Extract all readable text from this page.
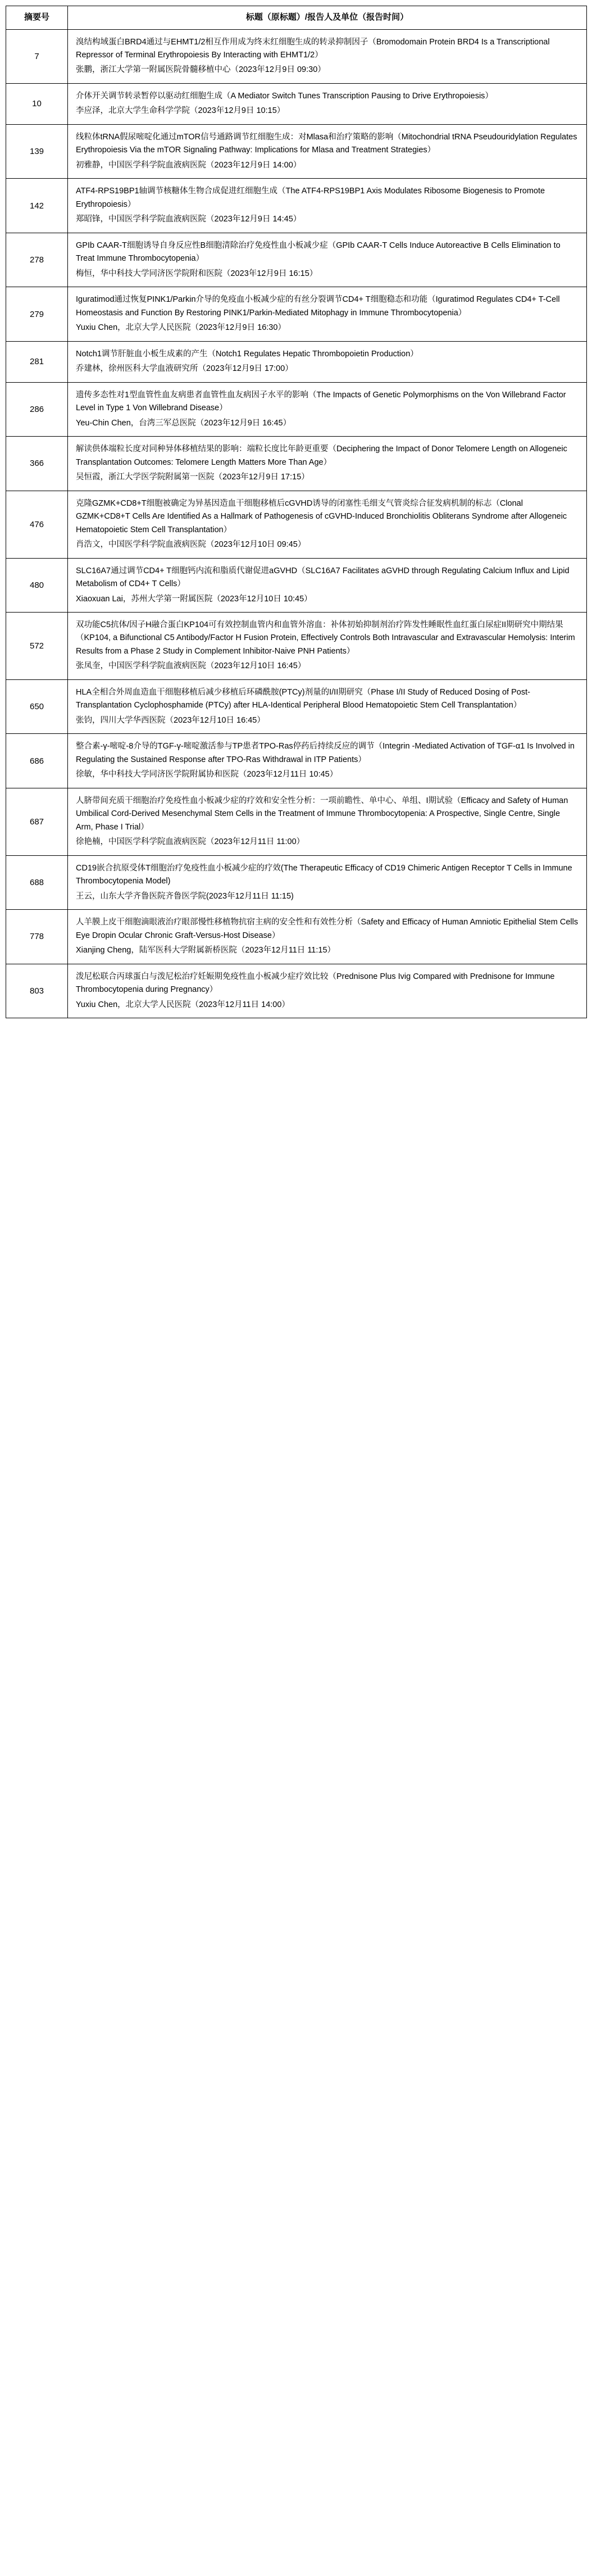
摘要号	标题（原标题）/报告人及单位（报告时间）
7	溴结构域蛋白BRD4通过与EHMT1/2相互作用成为终末红细胞生成的转录抑制因子（Bromodomain Protein BRD4 Is a Transcriptional Repressor of Terminal Erythropoiesis By Interacting with EHMT1/2）
张鹏，浙江大学第一附属医院骨髓移植中心（2023年12月9日 09:30）

10	介体开关调节转录暂停以驱动红细胞生成（A Mediator Switch Tunes Transcription Pausing to Drive Erythropoiesis）
李应泽，北京大学生命科学学院（2023年12月9日 10:15）

139	线粒体tRNA假尿嘧啶化通过mTOR信号通路调节红细胞生成：对Mlasa和治疗策略的影响（Mitochondrial tRNA Pseudouridylation Regulates Erythropoiesis Via the mTOR Signaling Pathway: Implications for Mlasa and Treatment Strategies）
初雅静，中国医学科学院血液病医院（2023年12月9日 14:00）

142	ATF4-RPS19BP1轴调节核糖体生物合成促进红细胞生成（The ATF4-RPS19BP1 Axis Modulates Ribosome Biogenesis to Promote Erythropoiesis）
郑昭锋，中国医学科学院血液病医院（2023年12月9日 14:45）

278	GPIb CAAR-T细胞诱导自身反应性B细胞清除治疗免疫性血小板减少症（GPIb CAAR-T Cells Induce Autoreactive B Cells Elimination to Treat Immune Thrombocytopenia）
梅恒，华中科技大学同济医学院附和医院（2023年12月9日 16:15）

279	Iguratimod通过恢复PINK1/Parkin介导的免疫血小板减少症的有丝分裂调节CD4+ T细胞稳态和功能（Iguratimod Regulates CD4+ T-Cell Homeostasis and Function By Restoring PINK1/Parkin-Mediated Mitophagy in Immune Thrombocytopenia）
Yuxiu Chen，北京大学人民医院（2023年12月9日 16:30）

281	Notch1调节肝脏血小板生成素的产生（Notch1 Regulates Hepatic Thrombopoietin Production）
乔建林，徐州医科大学血液研究所（2023年12月9日 17:00）

286	遗传多态性对1型血管性血友病患者血管性血友病因子水平的影响（The Impacts of Genetic Polymorphisms on the Von Willebrand Factor Level in Type 1 Von Willebrand Disease）
Yeu-Chin Chen，台湾三军总医院（2023年12月9日 16:45）

366	解读供体端粒长度对同种异体移植结果的影响：端粒长度比年龄更重要（Deciphering the Impact of Donor Telomere Length on Allogeneic Transplantation Outcomes: Telomere Length Matters More Than Age）
吴恒霞，浙江大学医学院附属第一医院（2023年12月9日 17:15）

476	克隆GZMK+CD8+T细胞被确定为异基因造血干细胞移植后cGVHD诱导的闭塞性毛细支气管炎综合征发病机制的标志（Clonal GZMK+CD8+T Cells Are Identified As a Hallmark of Pathogenesis of cGVHD-Induced Bronchiolitis Obliterans Syndrome after Allogeneic Hematopoietic Stem Cell Transplantation）
肖浩文，中国医学科学院血液病医院（2023年12月10日 09:45）

480	SLC16A7通过调节CD4+ T细胞钙内流和脂质代谢促进aGVHD（SLC16A7 Facilitates aGVHD through Regulating Calcium Influx and Lipid Metabolism of CD4+ T Cells）
Xiaoxuan Lai，苏州大学第一附属医院（2023年12月10日 10:45）

572	双功能C5抗体/因子H融合蛋白KP104可有效控制血管内和血管外溶血：补体初始抑制剂治疗阵发性睡眠性血红蛋白尿症II期研究中期结果（KP104, a Bifunctional C5 Antibody/Factor H Fusion Protein, Effectively Controls Both Intravascular and Extravascular Hemolysis: Interim Results from a Phase 2 Study in Complement Inhibitor-Naive PNH Patients）
张凤奎，中国医学科学院血液病医院（2023年12月10日 16:45）

650	HLA全相合外周血造血干细胞移植后减少移植后环磷酰胺(PTCy)剂量的I/II期研究（Phase I/II Study of Reduced Dosing of Post-Transplantation Cyclophosphamide (PTCy) after HLA-Identical Peripheral Blood Hematopoietic Stem Cell Transplantation）
张钧，四川大学华西医院（2023年12月10日 16:45）

686	整合素-γ-嘧啶-8介导的TGF-γ-嘧啶激活参与TP患者TPO-Ras停药后持续反应的调节（Integrin -Mediated Activation of TGF-α1 Is Involved in Regulating the Sustained Response after TPO-Ras Withdrawal in ITP Patients）
徐敏，华中科技大学同济医学院附属协和医院（2023年12月11日 10:45）

687	人脐带间充质干细胞治疗免疫性血小板减少症的疗效和安全性分析：一项前瞻性、单中心、单组、I期试验（Efficacy and Safety of Human Umbilical Cord-Derived Mesenchymal Stem Cells in the Treatment of Immune Thrombocytopenia: A Prospective, Single Centre, Single Arm, Phase I Trial）
徐艳楠，中国医学科学院血液病医院（2023年12月11日 11:00）

688	CD19嵌合抗原受体T细胞治疗免疫性血小板减少症的疗效(The Therapeutic Efficacy of CD19 Chimeric Antigen Receptor T Cells in Immune Thrombocytopenia Model)
王云，山东大学齐鲁医院齐鲁医学院(2023年12月11日 11:15)

778	人羊膜上皮干细胞滴眼液治疗眼部慢性移植物抗宿主病的安全性和有效性分析（Safety and Efficacy of Human Amniotic Epithelial Stem Cells Eye Dropin Ocular Chronic Graft-Versus-Host Disease）
Xianjing Cheng，陆军医科大学附属新桥医院（2023年12月11日 11:15）

803	泼尼松联合丙球蛋白与泼尼松治疗妊娠期免疫性血小板减少症疗效比较（Prednisone Plus Ivig Compared with Prednisone for Immune Thrombocytopenia during Pregnancy）
Yuxiu Chen，北京大学人民医院（2023年12月11日 14:00）
